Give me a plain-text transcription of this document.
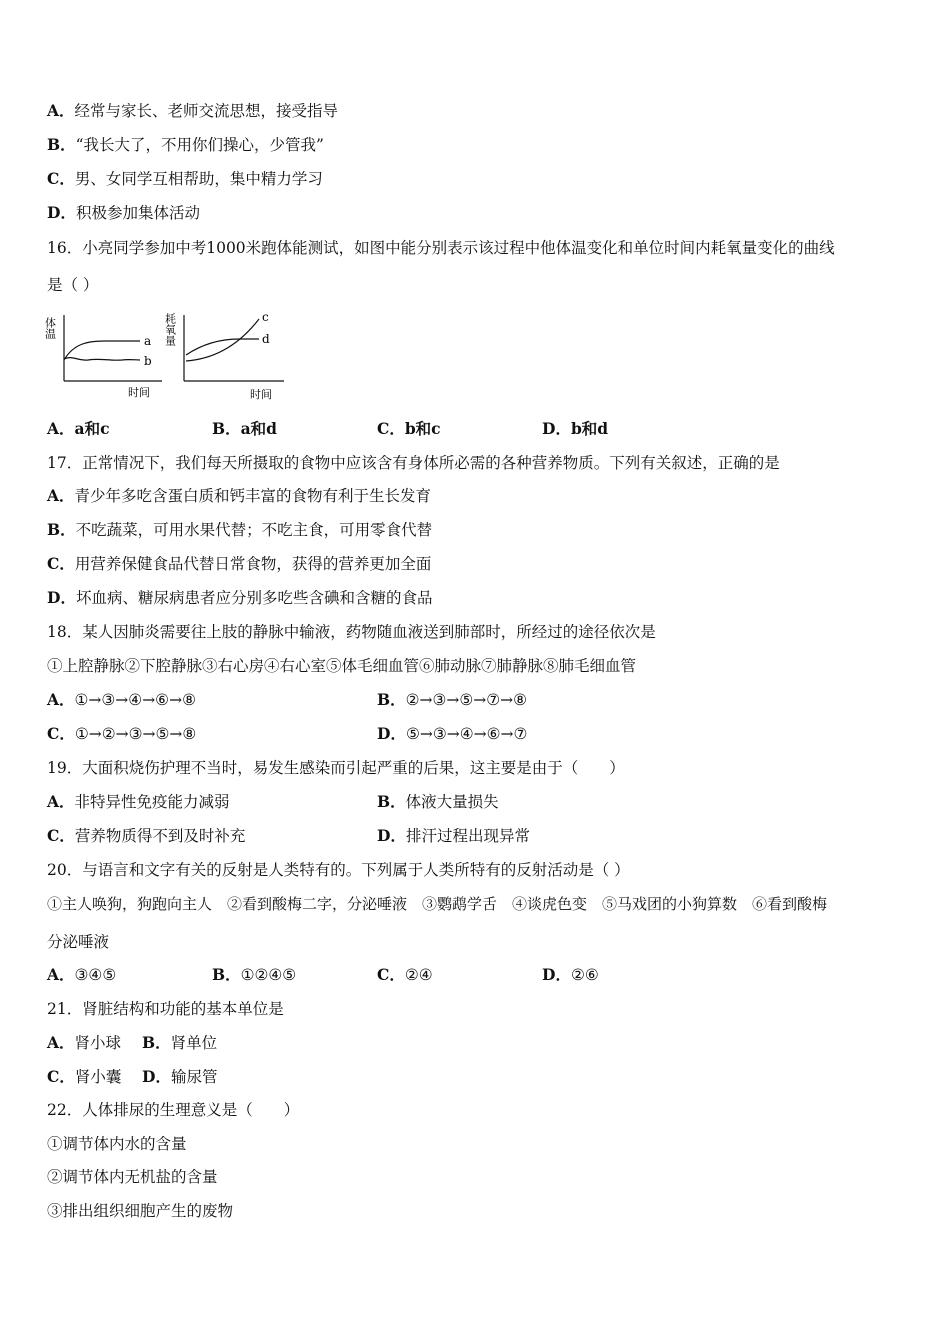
A．经常与家长、老师交流思想，接受指导
B．“我长大了，不用你们操心，少管我”
C．男、女同学互相帮助，集中精力学习
D．积极参加集体活动
16．小亮同学参加中考1000米跑体能测试，如图中能分别表示该过程中他体温变化和单位时间内耗氧量变化的曲线
是（ ）
体温
a
b
时间
耗氧量	c
d
时间
A．a和c	B．a和d	C．b和c	D．b和d
17．正常情况下，我们每天所摄取的食物中应该含有身体所必需的各种营养物质。下列有关叙述，正确的是
A．青少年多吃含蛋白质和钙丰富的食物有利于生长发育
B．不吃蔬菜，可用水果代替；不吃主食，可用零食代替
C．用营养保健食品代替日常食物，获得的营养更加全面
D．坏血病、糖尿病患者应分别多吃些含碘和含糖的食品
18．某人因肺炎需要往上肢的静脉中输液，药物随血液送到肺部时，所经过的途径依次是
①上腔静脉②下腔静脉③右心房④右心室⑤体毛细血管⑥肺动脉⑦肺静脉⑧肺毛细血管
A．①→③→④→⑥→⑧	B．②→③→⑤→⑦→⑧
C．①→②→③→⑤→⑧	D．⑤→③→④→⑥→⑦
19．大面积烧伤护理不当时，易发生感染而引起严重的后果，这主要是由于（　　）
A．非特异性免疫能力减弱	B．体液大量损失
C．营养物质得不到及时补充	D．排汗过程出现异常
20．与语言和文字有关的反射是人类特有的。下列属于人类所特有的反射活动是（ ）
①主人唤狗，狗跑向主人　②看到酸梅二字，分泌唾液　③鹦鹉学舌　④谈虎色变　⑤马戏团的小狗算数　⑥看到酸梅
分泌唾液
A．③④⑤	B．①②④⑤	C．②④	D．②⑥
21．肾脏结构和功能的基本单位是
A．肾小球 B．肾单位
C．肾小囊 D．输尿管
22．人体排尿的生理意义是（　　）
①调节体内水的含量
②调节体内无机盐的含量
③排出组织细胞产生的废物
